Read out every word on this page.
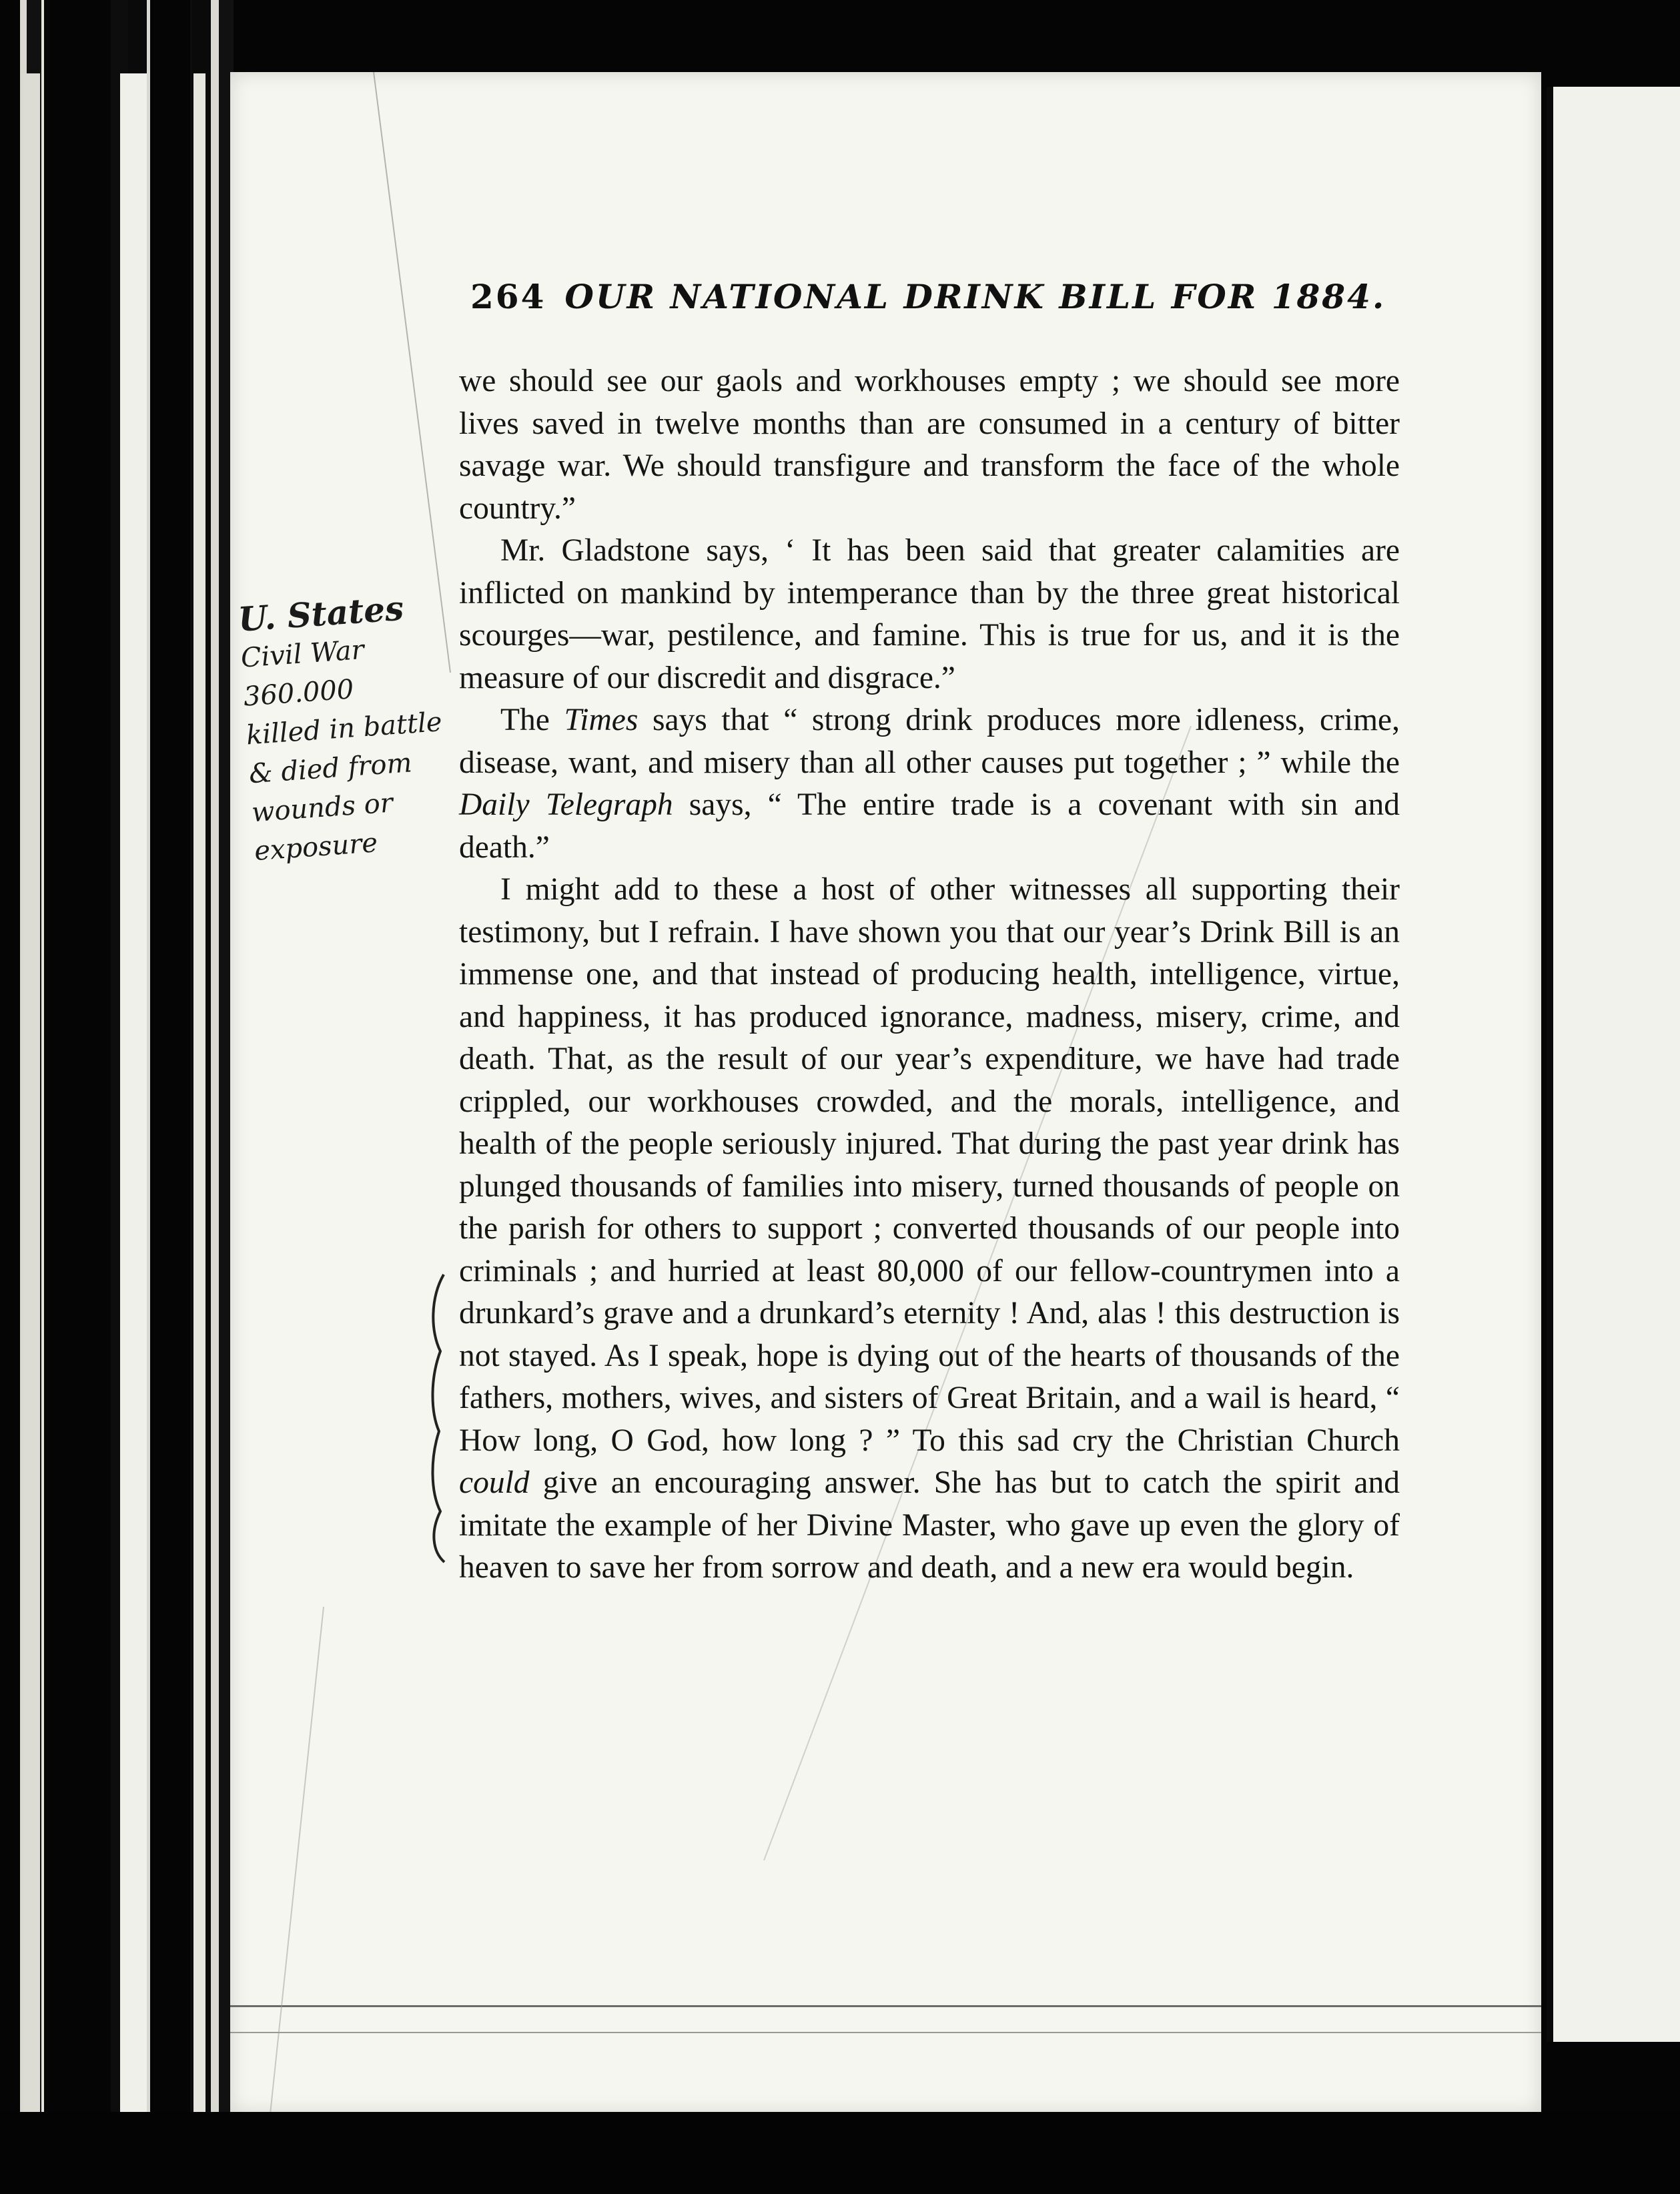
264 OUR NATIONAL DRINK BILL FOR 1884.
U. States
Civil War
360.000
killed in battle
& died from
wounds or
exposure

we should see our gaols and workhouses empty ; we should see more lives saved in twelve months than are consumed in a century of bitter savage war. We should transfigure and transform the face of the whole country.”

Mr. Gladstone says, ‘ It has been said that greater calamities are inflicted on mankind by intemperance than by the three great historical scourges—war, pestilence, and famine. This is true for us, and it is the measure of our discredit and disgrace.”

The Times says that “ strong drink produces more idleness, crime, disease, want, and misery than all other causes put together ; ” while the Daily Telegraph says, “ The entire trade is a covenant with sin and death.”

I might add to these a host of other witnesses all supporting their testimony, but I refrain. I have shown you that our year’s Drink Bill is an immense one, and that instead of producing health, intelligence, virtue, and happiness, it has produced ignorance, madness, misery, crime, and death. That, as the result of our year’s expenditure, we have had trade crippled, our workhouses crowded, and the morals, intelligence, and health of the people seriously injured. That during the past year drink has plunged thousands of families into misery, turned thousands of people on the parish for others to support ; converted thousands of our people into criminals ; and hurried at least 80,000 of our fellow-countrymen into a drunkard’s grave and a drunkard’s eternity ! And, alas ! this destruction is not stayed. As I speak, hope is dying out of the hearts of thousands of the fathers, mothers, wives, and sisters of Great Britain, and a wail is heard, “ How long, O God, how long ? ” To this sad cry the Christian Church could give an encouraging answer. She has but to catch the spirit and imitate the example of her Divine Master, who gave up even the glory of heaven to save her from sorrow and death, and a new era would begin.
